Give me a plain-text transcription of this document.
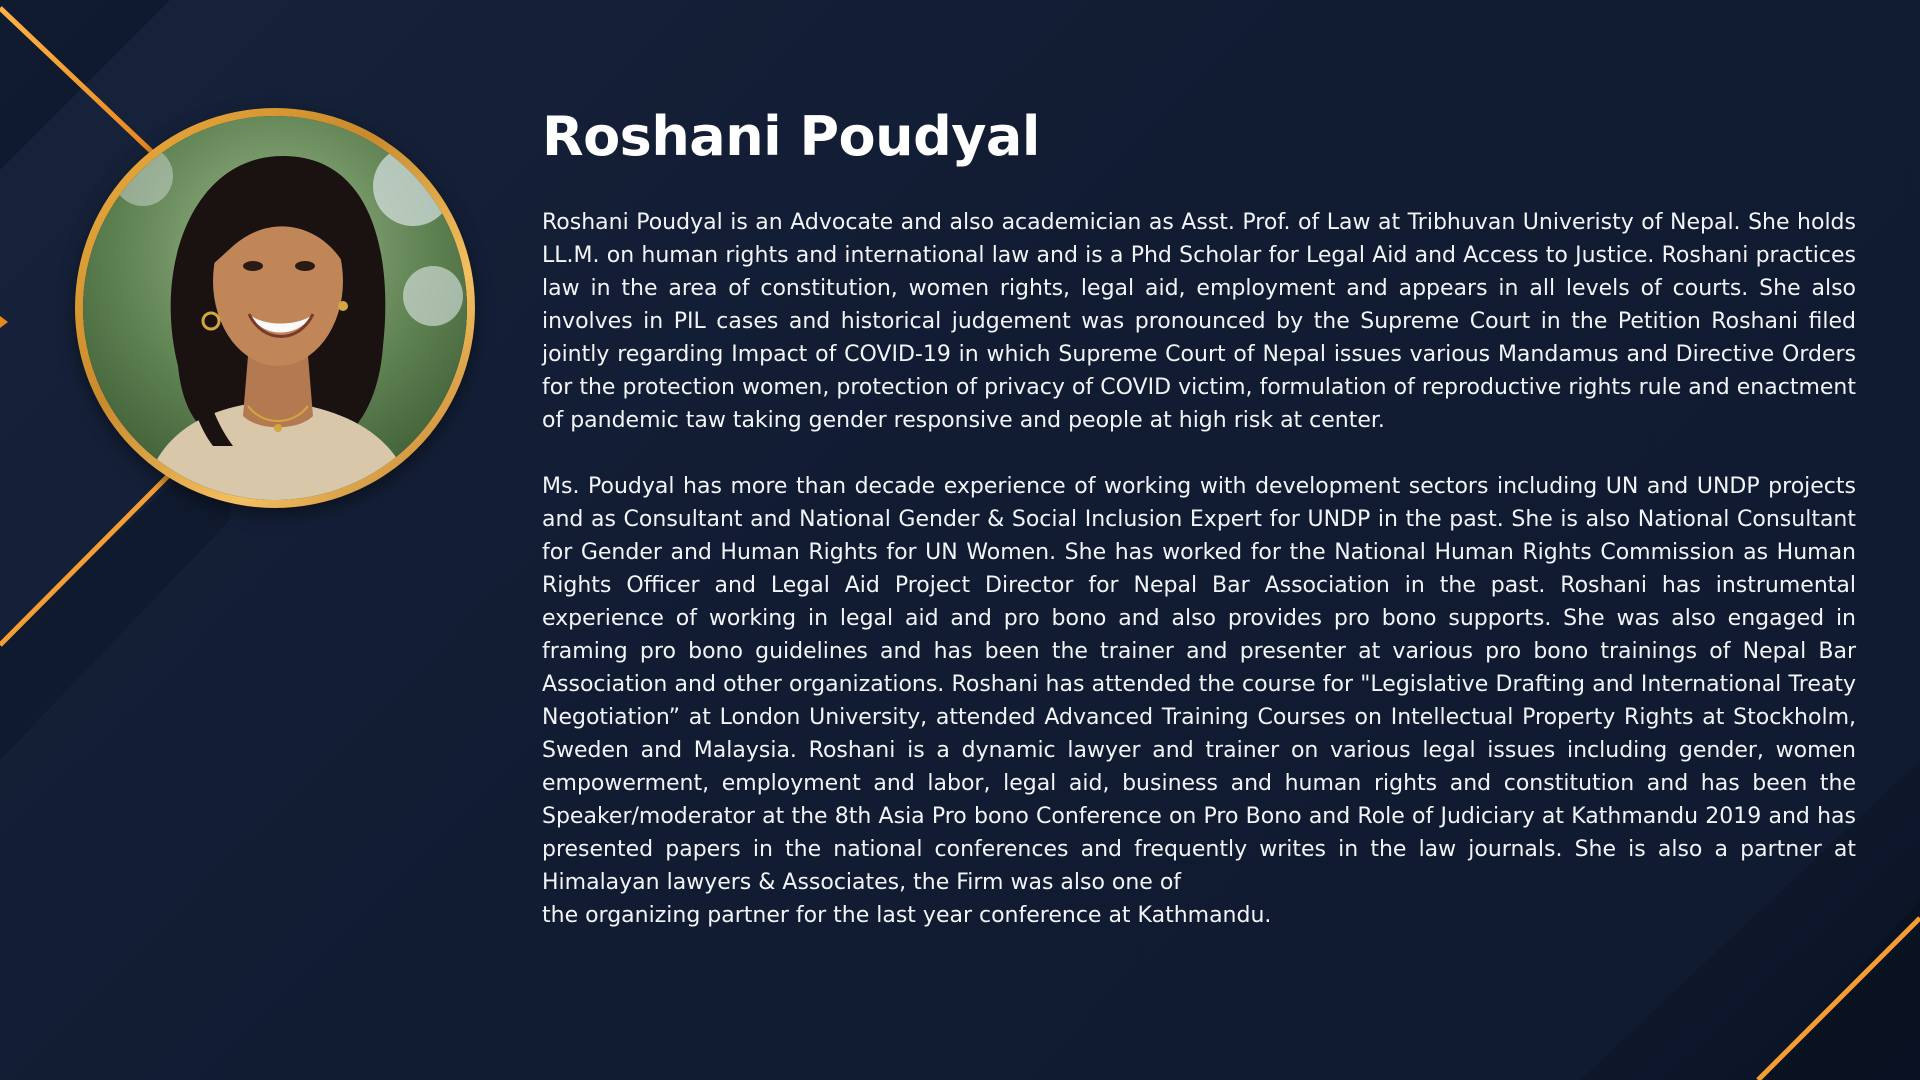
Roshani Poudyal

Roshani Poudyal is an Advocate and also academician as Asst. Prof. of Law at Tribhuvan Univeristy of Nepal. She holds LL.M. on human rights and international law and is a Phd Scholar for Legal Aid and Access to Justice. Roshani practices law in the area of constitution, women rights, legal aid, employment and appears in all levels of courts. She also involves in PIL cases and historical judgement was pronounced by the Supreme Court in the Petition Roshani filed jointly regarding Impact of COVID-19 in which Supreme Court of Nepal issues various Mandamus and Directive Orders for the protection women, protection of privacy of COVID victim, formulation of reproductive rights rule and enactment of pandemic taw taking gender responsive and people at high risk at center.

Ms. Poudyal has more than decade experience of working with development sectors including UN and UNDP projects and as Consultant and National Gender & Social Inclusion Expert for UNDP in the past. She is also National Consultant for Gender and Human Rights for UN Women. She has worked for the National Human Rights Commission as Human Rights Officer and Legal Aid Project Director for Nepal Bar Association in the past. Roshani has instrumental experience of working in legal aid and pro bono and also provides pro bono supports. She was also engaged in framing pro bono guidelines and has been the trainer and presenter at various pro bono trainings of Nepal Bar Association and other organizations. Roshani has attended the course for "Legislative Drafting and International Treaty Negotiation” at London University, attended Advanced Training Courses on Intellectual Property Rights at Stockholm, Sweden and Malaysia. Roshani is a dynamic lawyer and trainer on various legal issues including gender, women empowerment, employment and labor, legal aid, business and human rights and constitution and has been the Speaker/moderator at the 8th Asia Pro bono Conference on Pro Bono and Role of Judiciary at Kathmandu 2019 and has presented papers in the national conferences and frequently writes in the law journals. She is also a partner at Himalayan lawyers & Associates, the Firm was also one of

the organizing partner for the last year conference at Kathmandu.
